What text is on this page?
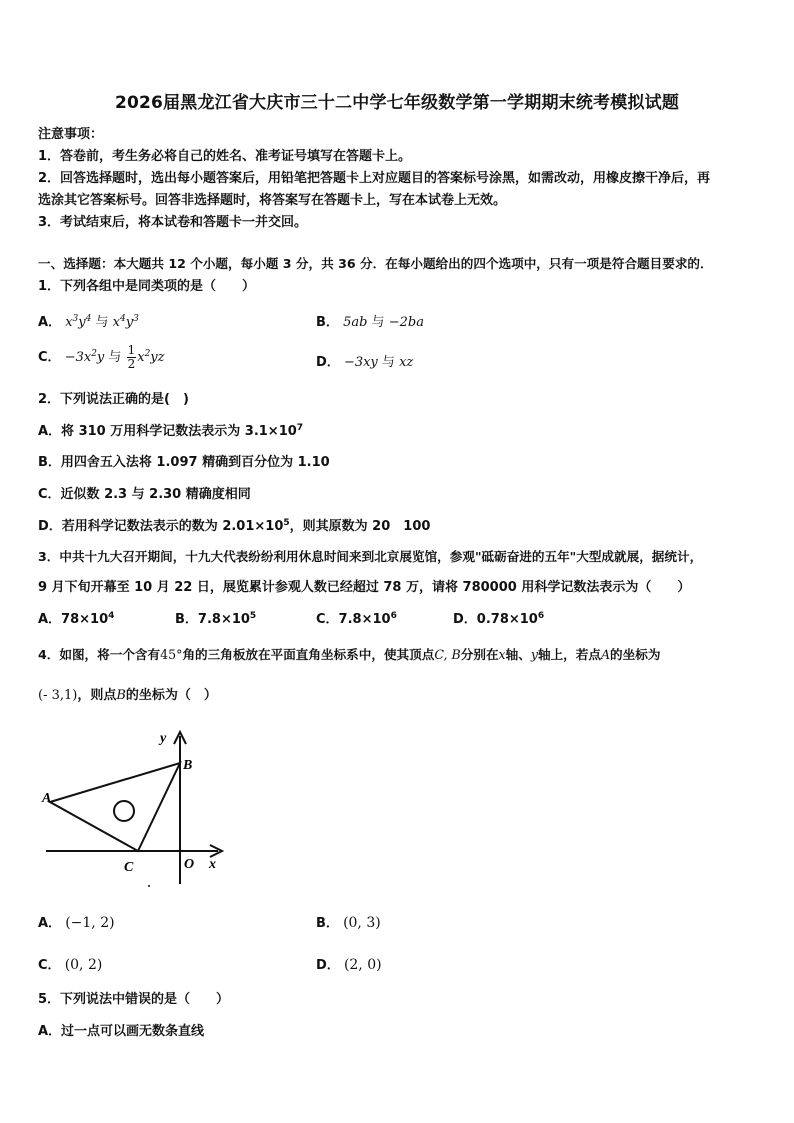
2026届黑龙江省大庆市三十二中学七年级数学第一学期期末统考模拟试题
注意事项：
1．答卷前，考生务必将自己的姓名、准考证号填写在答题卡上。
2．回答选择题时，选出每小题答案后，用铅笔把答题卡上对应题目的答案标号涂黑，如需改动，用橡皮擦干净后，再
选涂其它答案标号。回答非选择题时，将答案写在答题卡上，写在本试卷上无效。
3．考试结束后，将本试卷和答题卡一并交回。
一、选择题：本大题共 12 个小题，每小题 3 分，共 36 分．在每小题给出的四个选项中，只有一项是符合题目要求的．
1．下列各组中是同类项的是（　　）
A． $x^3y^4$ 与 $x^4y^3$	B． 5ab 与 −2ba
C． $-3x^2y$ 与 $\frac{1}{2} x^2yz$	D． −3xy 与 xz
2．下列说法正确的是(　)
A．将 310 万用科学记数法表示为 $3.1\times 10^7$
B．用四舍五入法将 1.097 精确到百分位为 1.10
C．近似数 2.3 与 2.30 精确度相同
D．若用科学记数法表示的数为 $2.01\times 10^5$，则其原数为 20　100
3．中共十九大召开期间，十九大代表纷纷利用休息时间来到北京展览馆，参观"砥砺奋进的五年"大型成就展，据统计，
9 月下旬开幕至 10 月 22 日，展览累计参观人数已经超过 78 万，请将 780000 用科学记数法表示为（　　）
A．$78\times 10^4$	B．$7.8\times 10^5$	C．$7.8\times 10^6$	D．$0.78\times 10^6$
4．如图，将一个含有45°角的三角板放在平面直角坐标系中，使其顶点C, B分别在x轴、y轴上，若点A的坐标为
(- 3,1)，则点B的坐标为（　）
y
B
A
C	O x
A． (−1, 2)	B． (0, 3)
C． (0, 2)	D． (2, 0)
5．下列说法中错误的是（　　）
A．过一点可以画无数条直线
